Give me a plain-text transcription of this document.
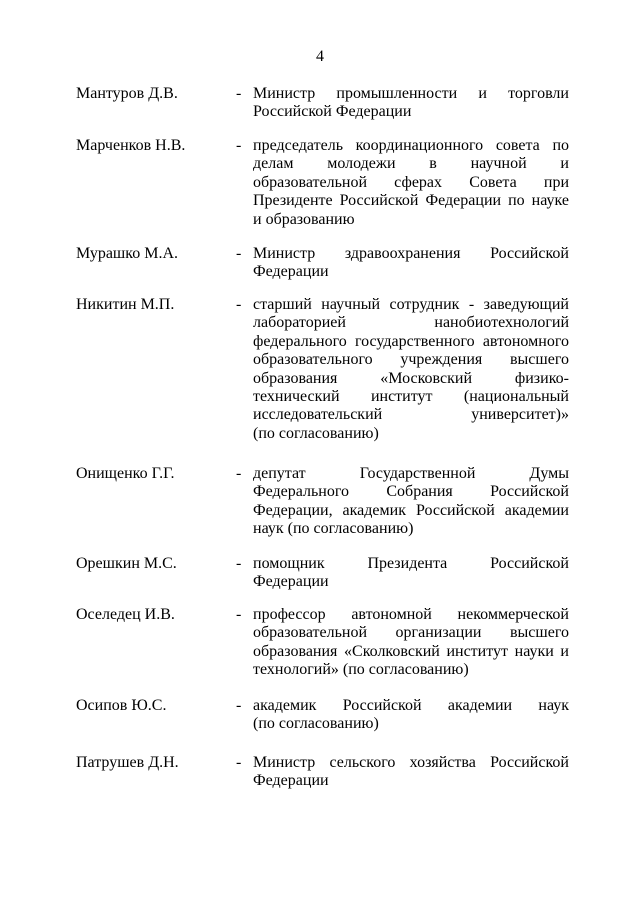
4
Мантуров Д.В.	- Министр промышленности и торговли
Российской Федерации
Марченков Н.В.	- председатель координационного совета по
делам молодежи в научной и
образовательной сферах Совета при
Президенте Российской Федерации по науке
и образованию
Мурашко М.А.	- Министр здравоохранения Российской
Федерации
Никитин М.П.	- старший научный сотрудник - заведующий
лабораторией	нанобиотехнологий
федерального государственного автономного
образовательного учреждения высшего
образования	«Московский	физико-
технический институт (национальный
исследовательский	университет)»
(по согласованию)
Онищенко Г.Г.	- депутат	Государственной	Думы
Федерального Собрания Российской
Федерации, академик Российской академии
наук (по согласованию)
Орешкин М.С.	- помощник	Президента	Российской
Федерации
Оселедец И.В.	- профессор автономной некоммерческой
образовательной организации высшего
образования «Сколковский институт науки и
технологий» (по согласованию)
Осипов Ю.С.	- академик Российской академии наук
(по согласованию)
Патрушев Д.Н.	- Министр сельского хозяйства Российской
Федерации
